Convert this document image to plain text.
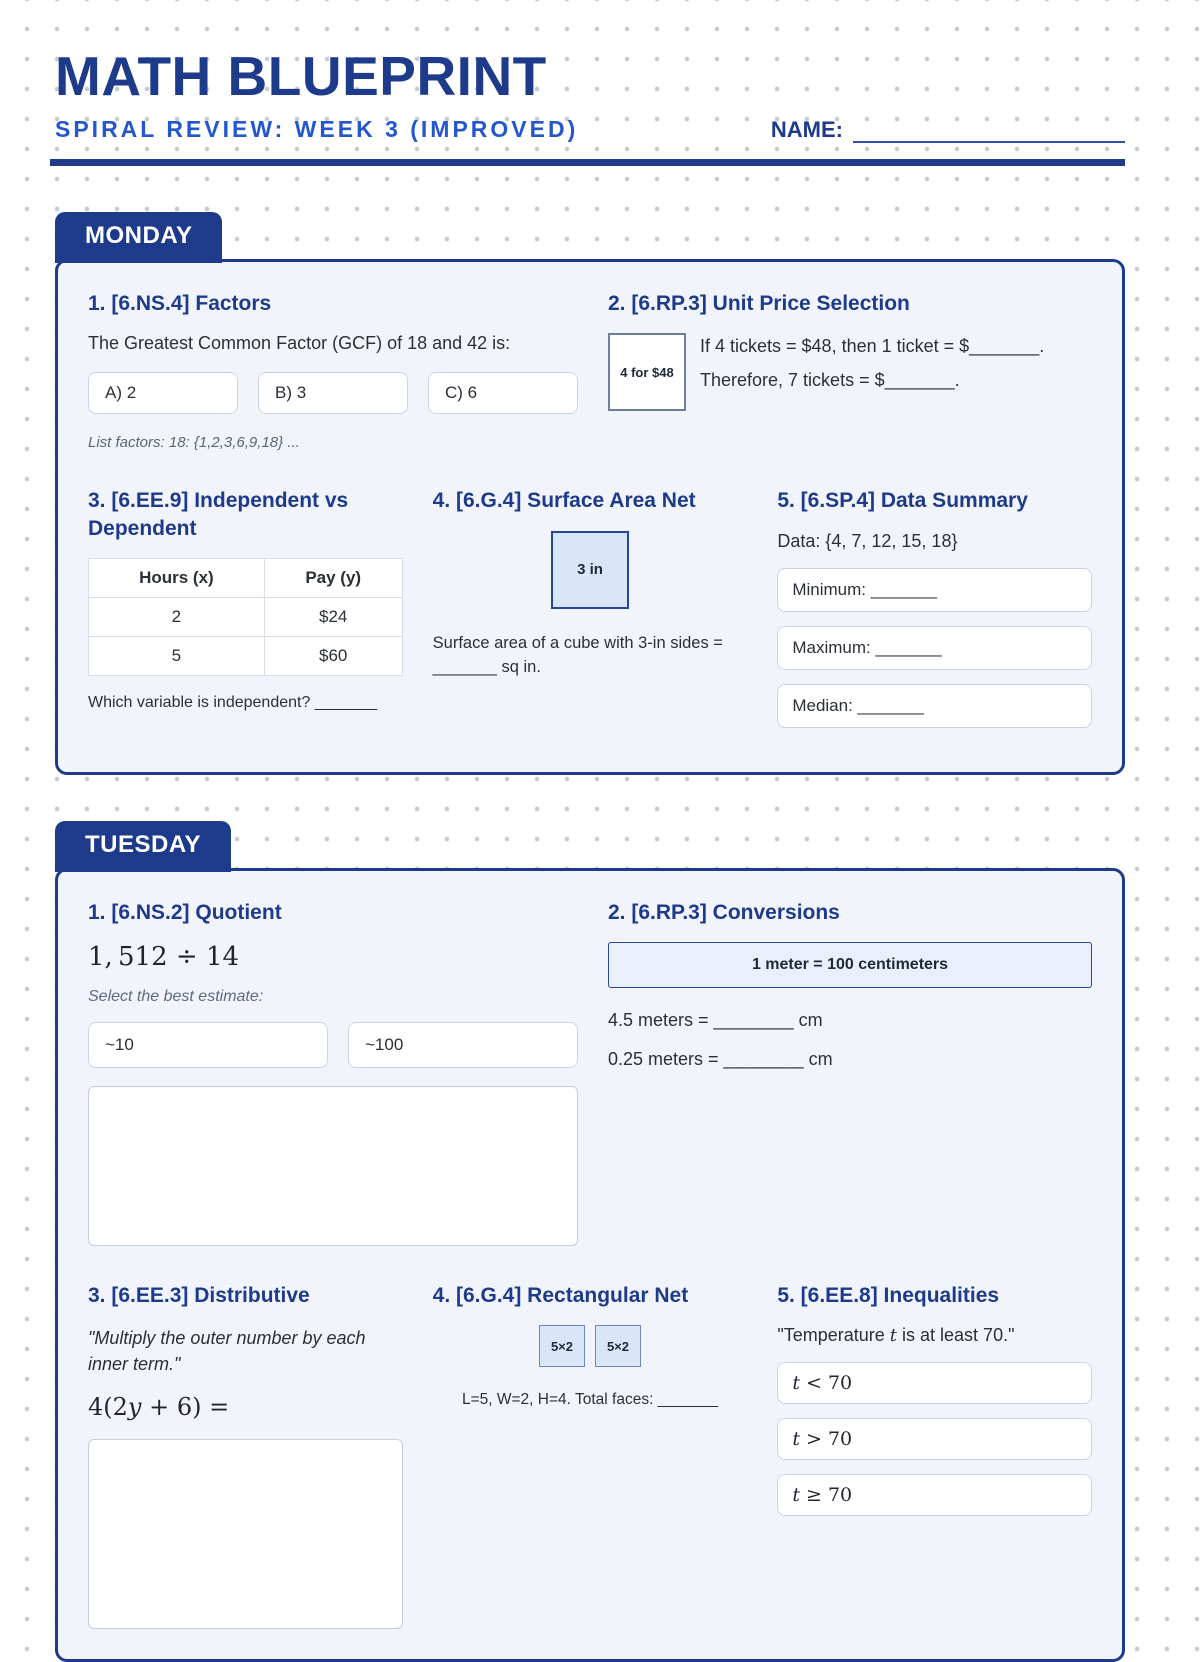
MATH BLUEPRINT
SPIRAL REVIEW: WEEK 3 (IMPROVED)	NAME:
MONDAY
1. [6.NS.4] Factors

The Greatest Common Factor (GCF) of 18 and 42 is:

A) 2	B) 3	C) 6

List factors: 18: {1,2,3,6,9,18} ...

2. [6.RP.3] Unit Price Selection
4 for $48

If 4 tickets = $48, then 1 ticket = $_______.

Therefore, 7 tickets = $_______.

3. [6.EE.9] Independent vs Dependent
Hours (x)	Pay (y)
2	$24
5	$60

Which variable is independent? _______

4. [6.G.4] Surface Area Net
3 in

Surface area of a cube with 3-in sides = _______ sq in.

5. [6.SP.4] Data Summary

Data: {4, 7, 12, 15, 18}

Minimum: _______
Maximum: _______
Median: _______
TUESDAY
1. [6.NS.2] Quotient
1, 512 ÷ 14

Select the best estimate:

~10	~100
2. [6.RP.3] Conversions
1 meter = 100 centimeters

4.5 meters = ________ cm

0.25 meters = ________ cm

3. [6.EE.3] Distributive

"Multiply the outer number by each inner term."

4(2y + 6) =
4. [6.G.4] Rectangular Net
5×2	5×2

L=5, W=2, H=4. Total faces: _______

5. [6.EE.8] Inequalities

"Temperature t is at least 70."

t < 70
t > 70
t ≥ 70
